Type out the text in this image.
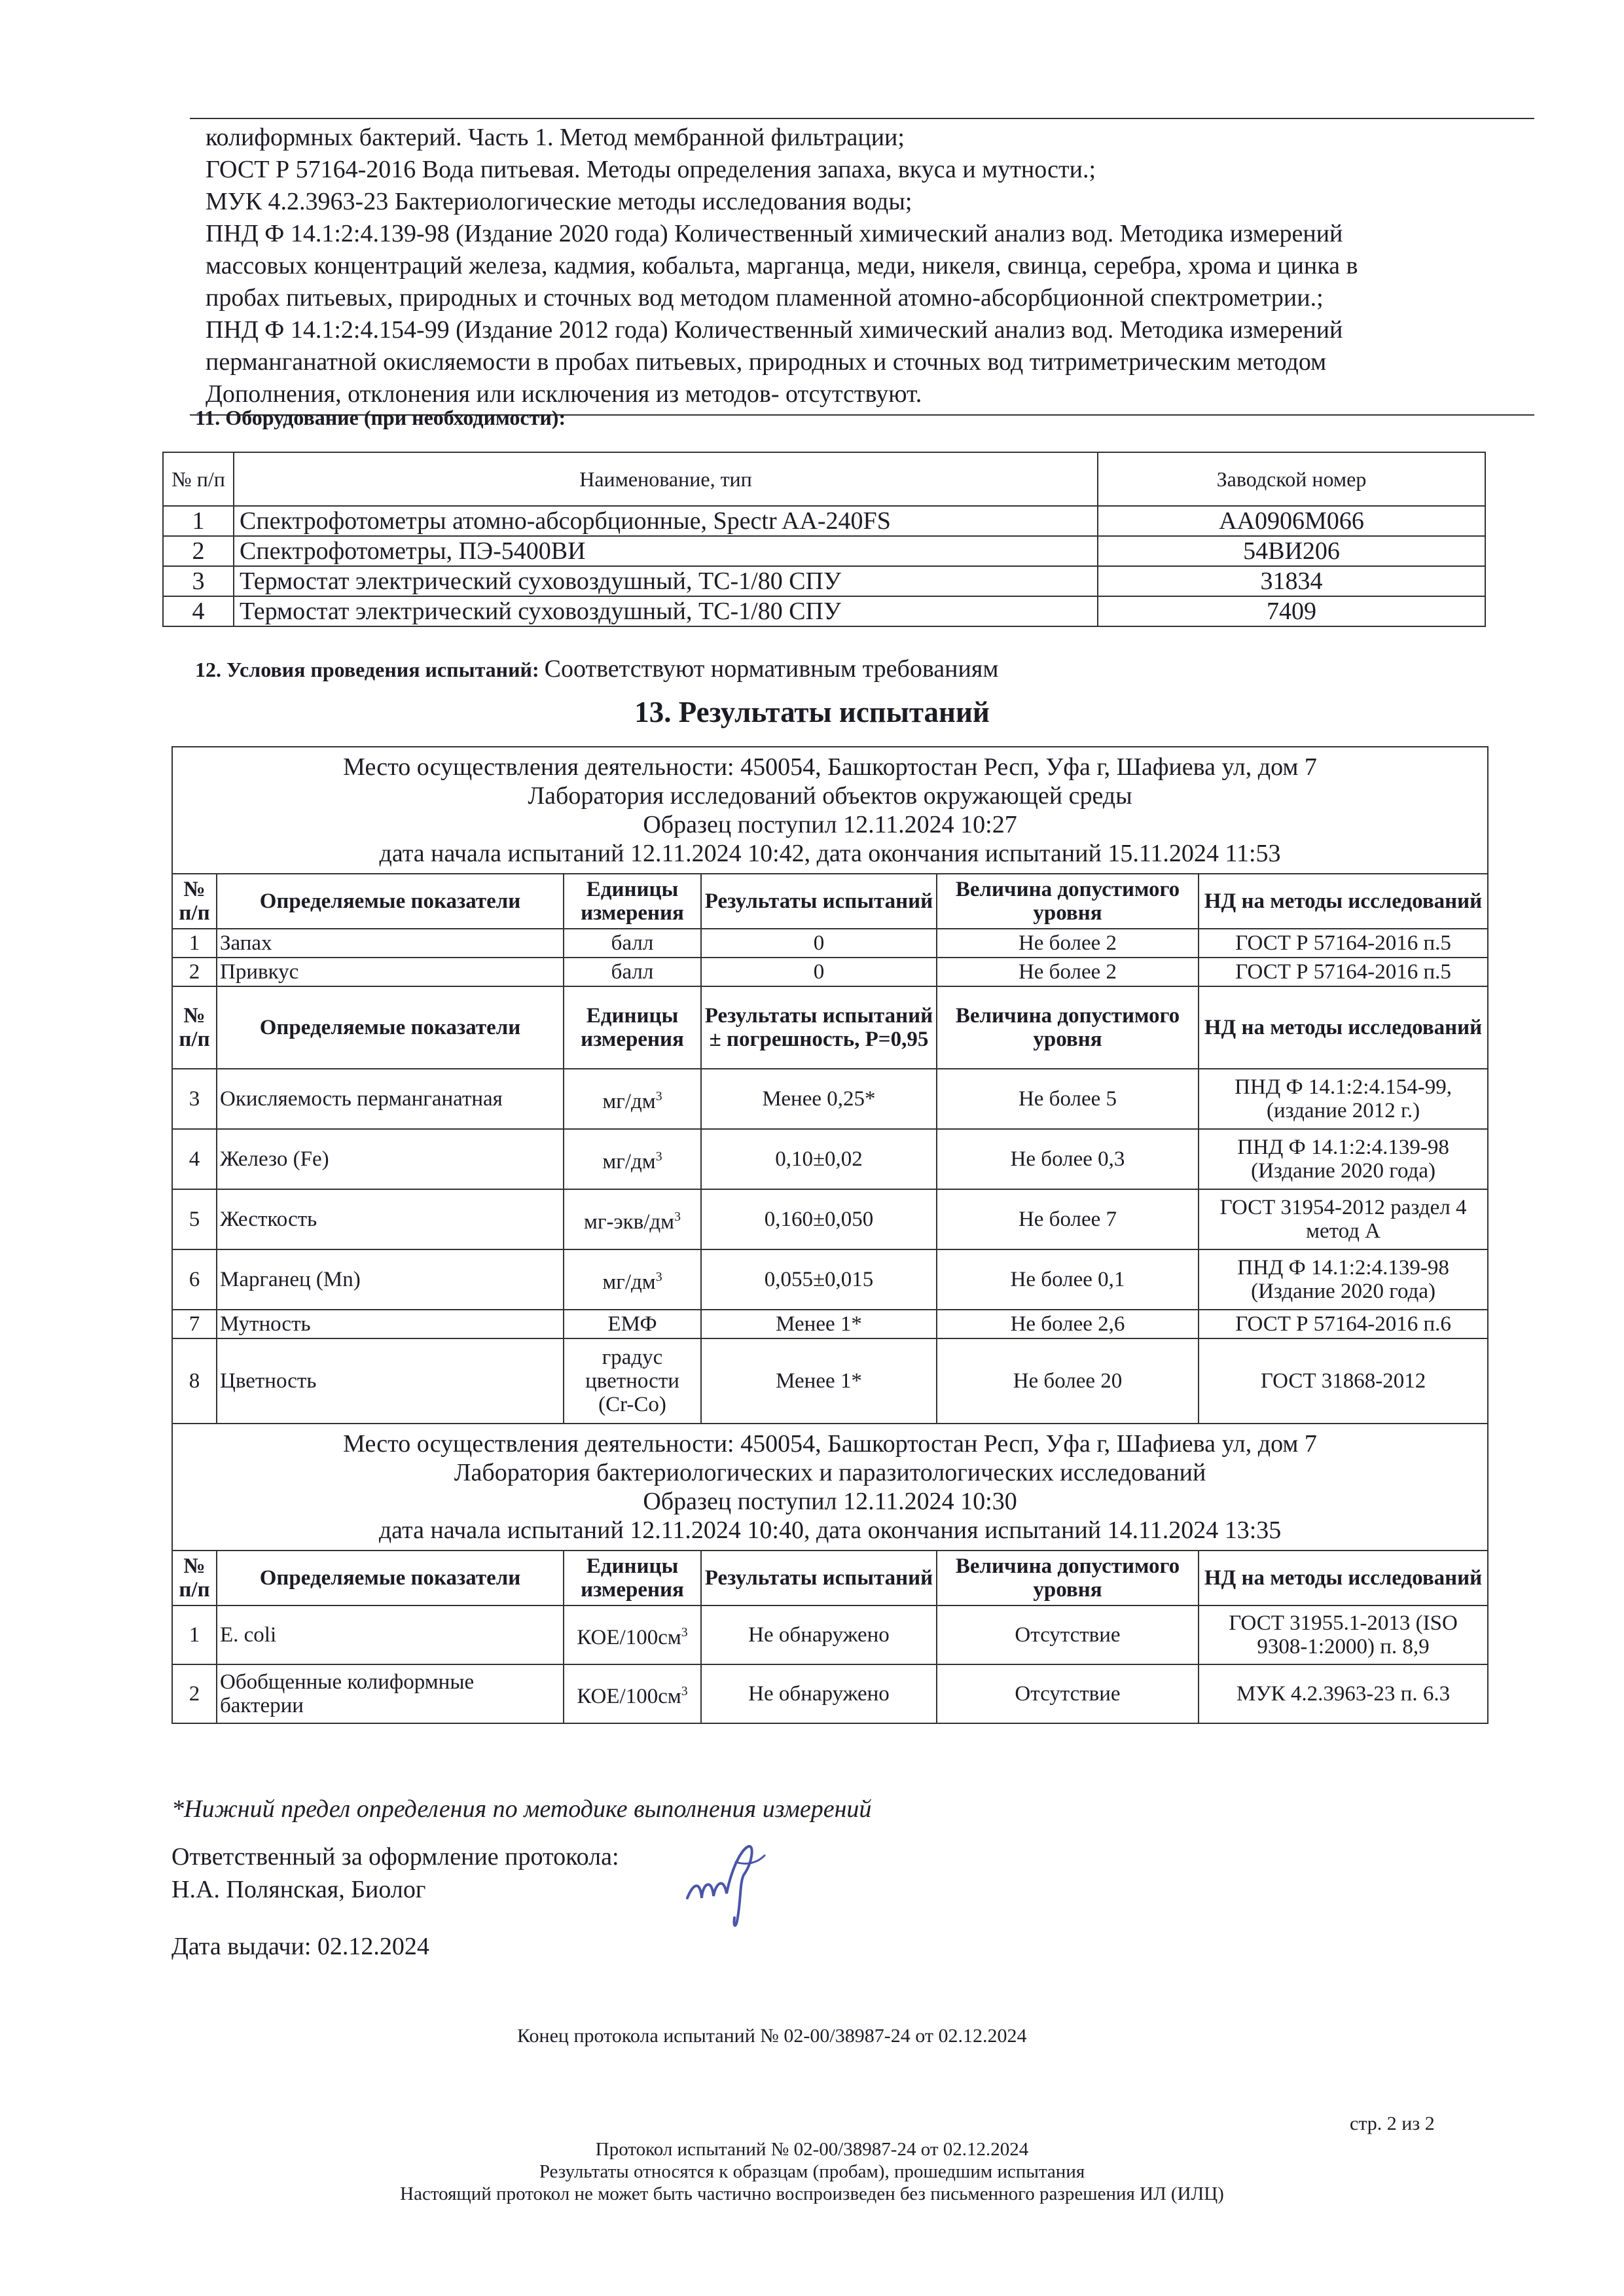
колиформных бактерий. Часть 1. Метод мембранной фильтрации;
ГОСТ Р 57164-2016 Вода питьевая. Методы определения запаха, вкуса и мутности.;
МУК 4.2.3963-23 Бактериологические методы исследования воды;
ПНД Ф 14.1:2:4.139-98 (Издание 2020 года) Количественный химический анализ вод. Методика измерений
массовых концентраций железа, кадмия, кобальта, марганца, меди, никеля, свинца, серебра, хрома и цинка в
пробах питьевых, природных и сточных вод методом пламенной атомно-абсорбционной спектрометрии.;
ПНД Ф 14.1:2:4.154-99 (Издание 2012 года) Количественный химический анализ вод. Методика измерений
перманганатной окисляемости в пробах питьевых, природных и сточных вод титриметрическим методом
Дополнения, отклонения или исключения из методов- отсутствуют.
11. Оборудование (при необходимости):
№ п/п	Наименование, тип	Заводской номер
1	Спектрофотометры атомно-абсорбционные, Spectr AA-240FS	AA0906M066
2	Спектрофотометры, ПЭ-5400ВИ	54ВИ206
3	Термостат электрический суховоздушный, ТС-1/80 СПУ	31834
4	Термостат электрический суховоздушный, ТС-1/80 СПУ	7409
12. Условия проведения испытаний: Соответствуют нормативным требованиям
13. Результаты испытаний
Место осуществления деятельности: 450054, Башкортостан Респ, Уфа г, Шафиева ул, дом 7
Лаборатория исследований объектов окружающей среды
Образец поступил 12.11.2024 10:27
дата начала испытаний 12.11.2024 10:42, дата окончания испытаний 15.11.2024 11:53					

№ п/п	Определяемые показатели	Единицы измерения	Результаты испытаний	Величина допустимого уровня	НД на методы исследований
1	Запах	балл	0	Не более 2	ГОСТ Р 57164-2016 п.5
2	Привкус	балл	0	Не более 2	ГОСТ Р 57164-2016 п.5
№ п/п	Определяемые показатели	Единицы измерения	Результаты испытаний ± погрешность, P=0,95	Величина допустимого уровня	НД на методы исследований
3	Окисляемость перманганатная	$мг/дм^3$	Менее 0,25*	Не более 5	ПНД Ф 14.1:2:4.154-99,
(издание 2012 г.)

4	Железо (Fe)	$мг/дм^3$	0,10±0,02	Не более 0,3	ПНД Ф 14.1:2:4.139-98
(Издание 2020 года)

5	Жесткость	$мг-экв/дм^3$	0,160±0,050	Не более 7	ГОСТ 31954-2012 раздел 4
метод А

6	Марганец (Mn)	$мг/дм^3$	0,055±0,015	Не более 0,1	ПНД Ф 14.1:2:4.139-98
(Издание 2020 года)

7	Мутность	ЕМФ	Менее 1*	Не более 2,6	ГОСТ Р 57164-2016 п.6
8	Цветность	градус
цветности
(Cr-Co)	Менее 1*	Не более 20	ГОСТ 31868-2012

Место осуществления деятельности: 450054, Башкортостан Респ, Уфа г, Шафиева ул, дом 7
Лаборатория бактериологических и паразитологических исследований
Образец поступил 12.11.2024 10:30
дата начала испытаний 12.11.2024 10:40, дата окончания испытаний 14.11.2024 13:35					

№ п/п	Определяемые показатели	Единицы измерения	Результаты испытаний	Величина допустимого уровня	НД на методы исследований
1	E. coli	КОЕ/$100см^3$	Не обнаружено	Отсутствие	ГОСТ 31955.1-2013 (ISO
9308-1:2000) п. 8,9

2	Обобщенные колиформные
бактерии	КОЕ/$100см^3$	Не обнаружено	Отсутствие	МУК 4.2.3963-23 п. 6.3
*Нижний предел определения по методике выполнения измерений
Ответственный за оформление протокола:
Н.А. Полянская, Биолог
Дата выдачи: 02.12.2024
Конец протокола испытаний № 02-00/38987-24 от 02.12.2024
стр. 2 из 2
Протокол испытаний № 02-00/38987-24 от 02.12.2024
Результаты относятся к образцам (пробам), прошедшим испытания
Настоящий протокол не может быть частично воспроизведен без письменного разрешения ИЛ (ИЛЦ)
